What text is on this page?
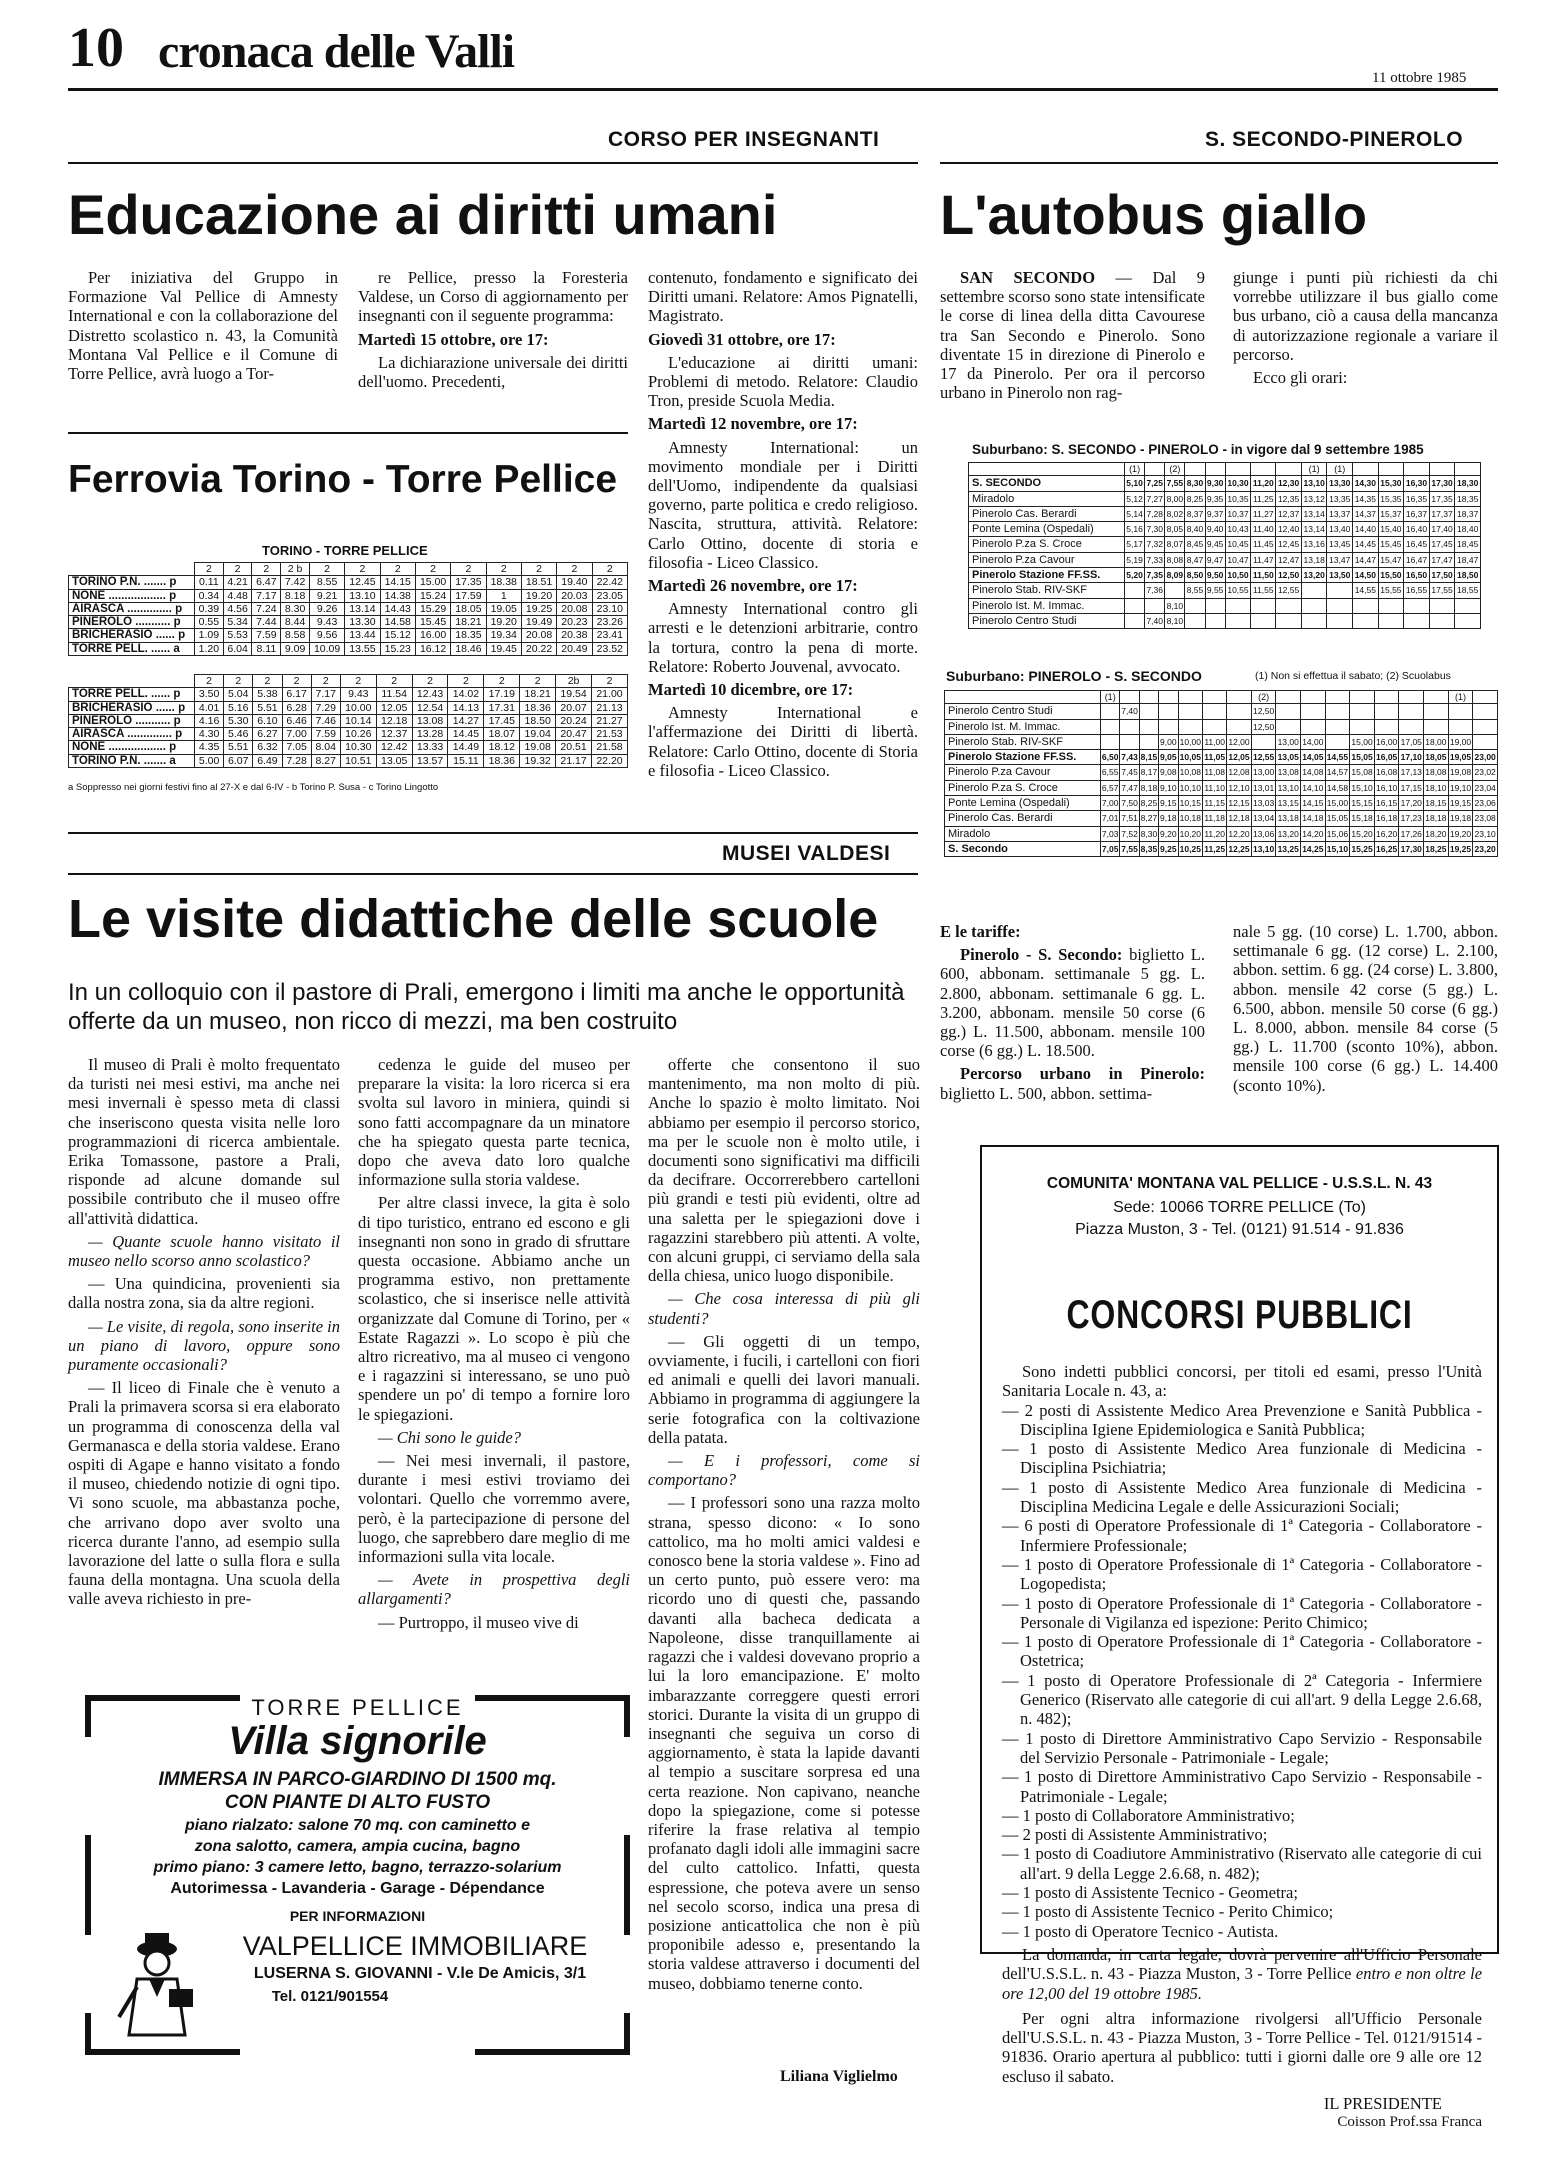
10 cronaca delle Valli	11 ottobre 1985
CORSO PER INSEGNANTI
Educazione ai diritti umani

Per iniziativa del Gruppo in Formazione Val Pellice di Amnesty International e con la collaborazione del Distretto scolastico n. 43, la Comunità Montana Val Pellice e il Comune di Torre Pellice, avrà luogo a Tor-

re Pellice, presso la Foresteria Valdese, un Corso di aggiornamento per insegnanti con il seguente programma:

Martedì 15 ottobre, ore 17:

La dichiarazione universale dei diritti dell'uomo. Precedenti,

contenuto, fondamento e significato dei Diritti umani. Relatore: Amos Pignatelli, Magistrato.

Giovedì 31 ottobre, ore 17:

L'educazione ai diritti umani: Problemi di metodo. Relatore: Claudio Tron, preside Scuola Media.

Martedì 12 novembre, ore 17:

Amnesty International: un movimento mondiale per i Diritti dell'Uomo, indipendente da qualsiasi governo, parte politica e credo religioso. Nascita, struttura, attività. Relatore: Carlo Ottino, docente di storia e filosofia - Liceo Classico.

Martedì 26 novembre, ore 17:

Amnesty International contro gli arresti e le detenzioni arbitrarie, contro la tortura, contro la pena di morte. Relatore: Roberto Jouvenal, avvocato.

Martedì 10 dicembre, ore 17:

Amnesty International e l'affermazione dei Diritti di libertà. Relatore: Carlo Ottino, docente di Storia e filosofia - Liceo Classico.

Ferrovia Torino - Torre Pellice
TORINO - TORRE PELLICE
	2	2	2	2 b	2	2	2	2	2	2	2	2	2
TORINO P.N. ....... p	0.11	4.21	6.47	7.42	8.55	12.45	14.15	15.00	17.35	18.38	18.51	19.40	22.42
NONE .................. p	0.34	4.48	7.17	8.18	9.21	13.10	14.38	15.24	17.59	1	19.20	20.03	23.05
AIRASCA .............. p	0.39	4.56	7.24	8.30	9.26	13.14	14.43	15.29	18.05	19.05	19.25	20.08	23.10
PINEROLO ........... p	0.55	5.34	7.44	8.44	9.43	13.30	14.58	15.45	18.21	19.20	19.49	20.23	23.26
BRICHERASIO ...... p	1.09	5.53	7.59	8.58	9.56	13.44	15.12	16.00	18.35	19.34	20.08	20.38	23.41
TORRE PELL. ...... a	1.20	6.04	8.11	9.09	10.09	13.55	15.23	16.12	18.46	19.45	20.22	20.49	23.52
	2	2	2	2	2	2	2	2	2	2	2	2b	2
TORRE PELL. ...... p	3.50	5.04	5.38	6.17	7.17	9.43	11.54	12.43	14.02	17.19	18.21	19.54	21.00
BRICHERASIO ...... p	4.01	5.16	5.51	6.28	7.29	10.00	12.05	12.54	14.13	17.31	18.36	20.07	21.13
PINEROLO ........... p	4.16	5.30	6.10	6.46	7.46	10.14	12.18	13.08	14.27	17.45	18.50	20.24	21.27
AIRASCA .............. p	4.30	5.46	6.27	7.00	7.59	10.26	12.37	13.28	14.45	18.07	19.04	20.47	21.53
NONE .................. p	4.35	5.51	6.32	7.05	8.04	10.30	12.42	13.33	14.49	18.12	19.08	20.51	21.58
TORINO P.N. ....... a	5.00	6.07	6.49	7.28	8.27	10.51	13.05	13.57	15.11	18.36	19.32	21.17	22.20
a Soppresso nei giorni festivi fino al 27-X e dal 6-IV - b Torino P. Susa - c Torino Lingotto
MUSEI VALDESI
Le visite didattiche delle scuole
In un colloquio con il pastore di Prali, emergono i limiti ma anche le opportunità offerte da un museo, non ricco di mezzi, ma ben costruito

Il museo di Prali è molto frequentato da turisti nei mesi estivi, ma anche nei mesi invernali è spesso meta di classi che inseriscono questa visita nelle loro programmazioni di ricerca ambientale. Erika Tomassone, pastore a Prali, risponde ad alcune domande sul possibile contributo che il museo offre all'attività didattica.

— Quante scuole hanno visitato il museo nello scorso anno scolastico?

— Una quindicina, provenienti sia dalla nostra zona, sia da altre regioni.

— Le visite, di regola, sono inserite in un piano di lavoro, oppure sono puramente occasionali?

— Il liceo di Finale che è venuto a Prali la primavera scorsa si era elaborato un programma di conoscenza della val Germanasca e della storia valdese. Erano ospiti di Agape e hanno visitato a fondo il museo, chiedendo notizie di ogni tipo. Vi sono scuole, ma abbastanza poche, che arrivano dopo aver svolto una ricerca durante l'anno, ad esempio sulla lavorazione del latte o sulla flora e sulla fauna della montagna. Una scuola della valle aveva richiesto in pre-

cedenza le guide del museo per preparare la visita: la loro ricerca si era svolta sul lavoro in miniera, quindi si sono fatti accompagnare da un minatore che ha spiegato questa parte tecnica, dopo che aveva dato loro qualche informazione sulla storia valdese.

Per altre classi invece, la gita è solo di tipo turistico, entrano ed escono e gli insegnanti non sono in grado di sfruttare questa occasione. Abbiamo anche un programma estivo, non prettamente scolastico, che si inserisce nelle attività organizzate dal Comune di Torino, per « Estate Ragazzi ». Lo scopo è più che altro ricreativo, ma al museo ci vengono e i ragazzini si interessano, se uno può spendere un po' di tempo a fornire loro le spiegazioni.

— Chi sono le guide?

— Nei mesi invernali, il pastore, durante i mesi estivi troviamo dei volontari. Quello che vorremmo avere, però, è la partecipazione di persone del luogo, che saprebbero dare meglio di me informazioni sulla vita locale.

— Avete in prospettiva degli allargamenti?

— Purtroppo, il museo vive di

offerte che consentono il suo mantenimento, ma non molto di più. Anche lo spazio è molto limitato. Noi abbiamo per esempio il percorso storico, ma per le scuole non è molto utile, i documenti sono significativi ma difficili da decifrare. Occorrerebbero cartelloni più grandi e testi più evidenti, oltre ad una saletta per le spiegazioni dove i ragazzini starebbero più attenti. A volte, con alcuni gruppi, ci serviamo della sala della chiesa, unico luogo disponibile.

— Che cosa interessa di più gli studenti?

— Gli oggetti di un tempo, ovviamente, i fucili, i cartelloni con fiori ed animali e quelli dei lavori manuali. Abbiamo in programma di aggiungere la serie fotografica con la coltivazione della patata.

— E i professori, come si comportano?

— I professori sono una razza molto strana, spesso dicono: « Io sono cattolico, ma ho molti amici valdesi e conosco bene la storia valdese ». Fino ad un certo punto, può essere vero: ma ricordo uno di questi che, passando davanti alla bacheca dedicata a Napoleone, disse tranquillamente ai ragazzi che i valdesi dovevano proprio a lui la loro emancipazione. E' molto imbarazzante correggere questi errori storici. Durante la visita di un gruppo di insegnanti che seguiva un corso di aggiornamento, è stata la lapide davanti al tempio a suscitare sorpresa ed una certa reazione. Non capivano, neanche dopo la spiegazione, come si potesse riferire la frase relativa al tempio profanato dagli idoli alle immagini sacre del culto cattolico. Infatti, questa espressione, che poteva avere un senso nel secolo scorso, indica una presa di posizione anticattolica che non è più proponibile adesso e, presentando la storia valdese attraverso i documenti del museo, dobbiamo tenerne conto.

Liliana Viglielmo
TORRE PELLICE
Villa signorile
IMMERSA IN PARCO-GIARDINO DI 1500 mq.
CON PIANTE DI ALTO FUSTO
piano rialzato: salone 70 mq. con caminetto e
zona salotto, camera, ampia cucina, bagno
primo piano: 3 camere letto, bagno, terrazzo-solarium
Autorimessa - Lavanderia - Garage - Dépendance
PER INFORMAZIONI
VALPELLICE IMMOBILIARE
LUSERNA S. GIOVANNI - V.le De Amicis, 3/1
Tel. 0121/901554
S. SECONDO-PINEROLO
L'autobus giallo

SAN SECONDO — Dal 9 settembre scorso sono state intensificate le corse di linea della ditta Cavourese tra San Secondo e Pinerolo. Sono diventate 15 in direzione di Pinerolo e 17 da Pinerolo. Per ora il percorso urbano in Pinerolo non rag-

giunge i punti più richiesti da chi vorrebbe utilizzare il bus giallo come bus urbano, ciò a causa della mancanza di autorizzazione regionale a variare il percorso.

Ecco gli orari:

Suburbano: S. SECONDO - PINEROLO - in vigore dal 9 settembre 1985
	(1)		(2)						(1)	(1)					
S. SECONDO	5,10	7,25	7,55	8,30	9,30	10,30	11,20	12,30	13,10	13,30	14,30	15,30	16,30	17,30	18,30
Miradolo	5,12	7,27	8,00	8,25	9,35	10,35	11,25	12,35	13,12	13,35	14,35	15,35	16,35	17,35	18,35
Pinerolo Cas. Berardi	5,14	7,28	8,02	8,37	9,37	10,37	11,27	12,37	13,14	13,37	14,37	15,37	16,37	17,37	18,37
Ponte Lemina (Ospedali)	5,16	7,30	8,05	8,40	9,40	10,43	11,40	12,40	13,14	13,40	14,40	15,40	16,40	17,40	18,40
Pinerolo P.za S. Croce	5,17	7,32	8,07	8,45	9,45	10,45	11,45	12,45	13,16	13,45	14,45	15,45	16,45	17,45	18,45
Pinerolo P.za Cavour	5,19	7,33	8,08	8,47	9,47	10,47	11,47	12,47	13,18	13,47	14,47	15,47	16,47	17,47	18,47
Pinerolo Stazione FF.SS.	5,20	7,35	8,09	8,50	9,50	10,50	11,50	12,50	13,20	13,50	14,50	15,50	16,50	17,50	18,50
Pinerolo Stab. RIV-SKF		7,36		8,55	9,55	10,55	11,55	12,55			14,55	15,55	16,55	17,55	18,55
Pinerolo Ist. M. Immac.			8,10												
Pinerolo Centro Studi		7,40	8,10												
Suburbano: PINEROLO - S. SECONDO	(1) Non si effettua il sabato; (2) Scuolabus
	(1)							(2)								(1)	
Pinerolo Centro Studi		7,40						12,50									
Pinerolo Ist. M. Immac.								12,50									
Pinerolo Stab. RIV-SKF				9,00	10,00	11,00	12,00		13,00	14,00		15,00	16,00	17,05	18,00	19,00	
Pinerolo Stazione FF.SS.	6,50	7,43	8,15	9,05	10,05	11,05	12,05	12,55	13,05	14,05	14,55	15,05	16,05	17,10	18,05	19,05	23,00
Pinerolo P.za Cavour	6,55	7,45	8,17	9,08	10,08	11,08	12,08	13,00	13,08	14,08	14,57	15,08	16,08	17,13	18,08	19,08	23,02
Pinerolo P.za S. Croce	6,57	7,47	8,18	9,10	10,10	11,10	12,10	13,01	13,10	14,10	14,58	15,10	16,10	17,15	18,10	19,10	23,04
Ponte Lemina (Ospedali)	7,00	7,50	8,25	9,15	10,15	11,15	12,15	13,03	13,15	14,15	15,00	15,15	16,15	17,20	18,15	19,15	23,06
Pinerolo Cas. Berardi	7,01	7,51	8,27	9,18	10,18	11,18	12,18	13,04	13,18	14,18	15,05	15,18	16,18	17,23	18,18	19,18	23,08
Miradolo	7,03	7,52	8,30	9,20	10,20	11,20	12,20	13,06	13,20	14,20	15,06	15,20	16,20	17,26	18,20	19,20	23,10
S. Secondo	7,05	7,55	8,35	9,25	10,25	11,25	12,25	13,10	13,25	14,25	15,10	15,25	16,25	17,30	18,25	19,25	23,20

E le tariffe:

Pinerolo - S. Secondo: biglietto L. 600, abbonam. settimanale 5 gg. L. 2.800, abbonam. settimanale 6 gg. L. 3.200, abbonam. mensile 50 corse (6 gg.) L. 11.500, abbonam. mensile 100 corse (6 gg.) L. 18.500.

Percorso urbano in Pinerolo: biglietto L. 500, abbon. settima-

nale 5 gg. (10 corse) L. 1.700, abbon. settimanale 6 gg. (12 corse) L. 2.100, abbon. settim. 6 gg. (24 corse) L. 3.800, abbon. mensile 42 corse (5 gg.) L. 6.500, abbon. mensile 50 corse (6 gg.) L. 8.000, abbon. mensile 84 corse (5 gg.) L. 11.700 (sconto 10%), abbon. mensile 100 corse (6 gg.) L. 14.400 (sconto 10%).

COMUNITA' MONTANA VAL PELLICE - U.S.S.L. N. 43
Sede: 10066 TORRE PELLICE (To)
Piazza Muston, 3 - Tel. (0121) 91.514 - 91.836
CONCORSI PUBBLICI
Sono indetti pubblici concorsi, per titoli ed esami, presso l'Unità Sanitaria Locale n. 43, a:
— 2 posti di Assistente Medico Area Prevenzione e Sanità Pubblica - Disciplina Igiene Epidemiologica e Sanità Pubblica;
— 1 posto di Assistente Medico Area funzionale di Medicina - Disciplina Psichiatria;
— 1 posto di Assistente Medico Area funzionale di Medicina - Disciplina Medicina Legale e delle Assicurazioni Sociali;
— 6 posti di Operatore Professionale di 1ª Categoria - Collaboratore - Infermiere Professionale;
— 1 posto di Operatore Professionale di 1ª Categoria - Collaboratore - Logopedista;
— 1 posto di Operatore Professionale di 1ª Categoria - Collaboratore - Personale di Vigilanza ed ispezione: Perito Chimico;
— 1 posto di Operatore Professionale di 1ª Categoria - Collaboratore - Ostetrica;
— 1 posto di Operatore Professionale di 2ª Categoria - Infermiere Generico (Riservato alle categorie di cui all'art. 9 della Legge 2.6.68, n. 482);
— 1 posto di Direttore Amministrativo Capo Servizio - Responsabile del Servizio Personale - Patrimoniale - Legale;
— 1 posto di Direttore Amministrativo Capo Servizio - Responsabile - Patrimoniale - Legale;
— 1 posto di Collaboratore Amministrativo;
— 2 posti di Assistente Amministrativo;
— 1 posto di Coadiutore Amministrativo (Riservato alle categorie di cui all'art. 9 della Legge 2.6.68, n. 482);
— 1 posto di Assistente Tecnico - Geometra;
— 1 posto di Assistente Tecnico - Perito Chimico;
— 1 posto di Operatore Tecnico - Autista.
La domanda, in carta legale, dovrà pervenire all'Ufficio Personale dell'U.S.S.L. n. 43 - Piazza Muston, 3 - Torre Pellice entro e non oltre le ore 12,00 del 19 ottobre 1985.
Per ogni altra informazione rivolgersi all'Ufficio Personale dell'U.S.S.L. n. 43 - Piazza Muston, 3 - Torre Pellice - Tel. 0121/91514 - 91836. Orario apertura al pubblico: tutti i giorni dalle ore 9 alle ore 12 escluso il sabato.
IL PRESIDENTE
Coisson Prof.ssa Franca
